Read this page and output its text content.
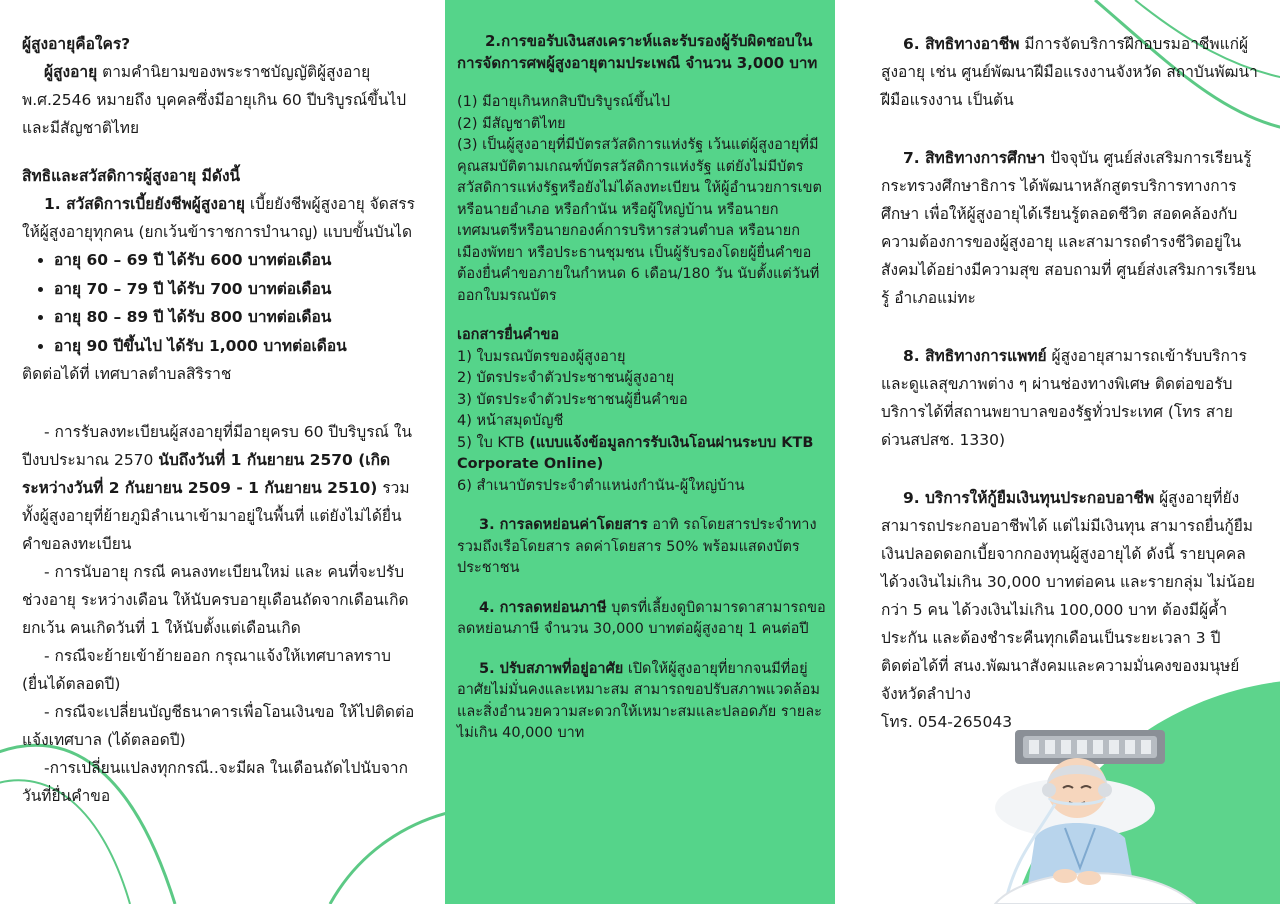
ผู้สูงอายุคือใคร?

ผู้สูงอายุ ตามคำนิยามของพระราชบัญญัติผู้สูงอายุ พ.ศ.2546 หมายถึง บุคคลซึ่งมีอายุเกิน 60 ปีบริบูรณ์ขึ้นไป และมีสัญชาติไทย

สิทธิและสวัสดิการผู้สูงอายุ มีดังนี้

1. สวัสดิการเบี้ยยังชีพผู้สูงอายุ เบี้ยยังชีพผู้สูงอายุ จัดสรรให้ผู้สูงอายุทุกคน (ยกเว้นข้าราชการบำนาญ) แบบขั้นบันได

• อายุ 60 – 69 ปี ได้รับ 600 บาทต่อเดือน
• อายุ 70 – 79 ปี ได้รับ 700 บาทต่อเดือน
• อายุ 80 – 89 ปี ได้รับ 800 บาทต่อเดือน
• อายุ 90 ปีขึ้นไป ได้รับ 1,000 บาทต่อเดือน

ติดต่อได้ที่ เทศบาลตำบลสิริราช

- การรับลงทะเบียนผู้สงอายุที่มีอายุครบ 60 ปีบริบูรณ์ ในปีงบประมาณ 2570 นับถึงวันที่ 1 กันยายน 2570 (เกิดระหว่างวันที่ 2 กันยายน 2509 - 1 กันยายน 2510) รวมทั้งผู้สูงอายุที่ย้ายภูมิลำเนาเข้ามาอยู่ในพื้นที่ แต่ยังไม่ได้ยื่นคำขอลงทะเบียน

- การนับอายุ กรณี คนลงทะเบียนใหม่ และ คนที่จะปรับช่วงอายุ ระหว่างเดือน ให้นับครบอายุเดือนถัดจากเดือนเกิด ยกเว้น คนเกิดวันที่ 1 ให้นับตั้งแต่เดือนเกิด

- กรณีจะย้ายเข้าย้ายออก กรุณาแจ้งให้เทศบาลทราบ (ยื่นได้ตลอดปี)

- กรณีจะเปลี่ยนบัญชีธนาคารเพื่อโอนเงินขอ ให้ไปติดต่อแจ้งเทศบาล (ได้ตลอดปี)

-การเปลี่ยนแปลงทุกกรณี..จะมีผล ในเดือนถัดไปนับจากวันที่ยื่นคำขอ

2.การขอรับเงินสงเคราะห์และรับรองผู้รับผิดชอบในการจัดการศพผู้สูงอายุตามประเพณี จำนวน 3,000 บาท

(1) มีอายุเกินหกสิบปีบริบูรณ์ขึ้นไป

(2) มีสัญชาติไทย

(3) เป็นผู้สูงอายุที่มีบัตรสวัสดิการแห่งรัฐ เว้นแต่ผู้สูงอายุที่มีคุณสมบัติตามเกณฑ์บัตรสวัสดิการแห่งรัฐ แต่ยังไม่มีบัตรสวัสดิการแห่งรัฐหรือยังไม่ได้ลงทะเบียน ให้ผู้อำนวยการเขต หรือนายอำเภอ หรือกำนัน หรือผู้ใหญ่บ้าน หรือนายกเทศมนตรีหรือนายกองค์การบริหารส่วนตำบล หรือนายกเมืองพัทยา หรือประธานชุมชน เป็นผู้รับรองโดยผู้ยื่นคำขอต้องยื่นคำขอภายในกำหนด 6 เดือน/180 วัน นับตั้งแต่วันที่ออกใบมรณบัตร

เอกสารยื่นคำขอ

1) ใบมรณบัตรของผู้สูงอายุ

2) บัตรประจำตัวประชาชนผู้สูงอายุ

3) บัตรประจำตัวประชาชนผู้ยื่นคำขอ

4) หน้าสมุดบัญชี

5) ใบ KTB (แบบแจ้งข้อมูลการรับเงินโอนผ่านระบบ KTB Corporate Online)

6) สำเนาบัตรประจำตำแหน่งกำนัน-ผู้ใหญ่บ้าน

3. การลดหย่อนค่าโดยสาร อาทิ รถโดยสารประจำทาง รวมถึงเรือโดยสาร ลดค่าโดยสาร 50% พร้อมแสดงบัตรประชาชน

4. การลดหย่อนภาษี บุตรที่เลี้ยงดูบิดามารดาสามารถขอลดหย่อนภาษี จำนวน 30,000 บาทต่อผู้สูงอายุ 1 คนต่อปี

5. ปรับสภาพที่อยู่อาศัย เปิดให้ผู้สูงอายุที่ยากจนมีที่อยู่อาศัยไม่มั่นคงและเหมาะสม สามารถขอปรับสภาพแวดล้อมและสิ่งอำนวยความสะดวกให้เหมาะสมและปลอดภัย รายละไม่เกิน 40,000 บาท

6. สิทธิทางอาชีพ มีการจัดบริการฝึกอบรมอาชีพแก่ผู้สูงอายุ เช่น ศูนย์พัฒนาฝีมือแรงงานจังหวัด สถาบันพัฒนาฝีมือแรงงาน เป็นต้น

7. สิทธิทางการศึกษา ปัจจุบัน ศูนย์ส่งเสริมการเรียนรู้ กระทรวงศึกษาธิการ ได้พัฒนาหลักสูตรบริการทางการศึกษา เพื่อให้ผู้สูงอายุได้เรียนรู้ตลอดชีวิต สอดคล้องกับความต้องการของผู้สูงอายุ และสามารถดำรงชีวิตอยู่ในสังคมได้อย่างมีความสุข สอบถามที่ ศูนย์ส่งเสริมการเรียนรู้ อำเภอแม่ทะ

8. สิทธิทางการแพทย์ ผู้สูงอายุสามารถเข้ารับบริการและดูแลสุขภาพต่าง ๆ ผ่านช่องทางพิเศษ ติดต่อขอรับบริการได้ที่สถานพยาบาลของรัฐทั่วประเทศ (โทร สายด่วนสปสช. 1330)

9. บริการให้กู้ยืมเงินทุนประกอบอาชีพ ผู้สูงอายุที่ยังสามารถประกอบอาชีพได้ แต่ไม่มีเงินทุน สามารถยื่นกู้ยืมเงินปลอดดอกเบี้ยจากกองทุนผู้สูงอายุได้ ดังนี้ รายบุคคลได้วงเงินไม่เกิน 30,000 บาทต่อคน และรายกลุ่ม ไม่น้อยกว่า 5 คน ได้วงเงินไม่เกิน 100,000 บาท ต้องมีผู้ค้ำประกัน และต้องชำระคืนทุกเดือนเป็นระยะเวลา 3 ปี ติดต่อได้ที่ สนง.พัฒนาสังคมและความมั่นคงของมนุษย์จังหวัดลำปาง

โทร. 054-265043
